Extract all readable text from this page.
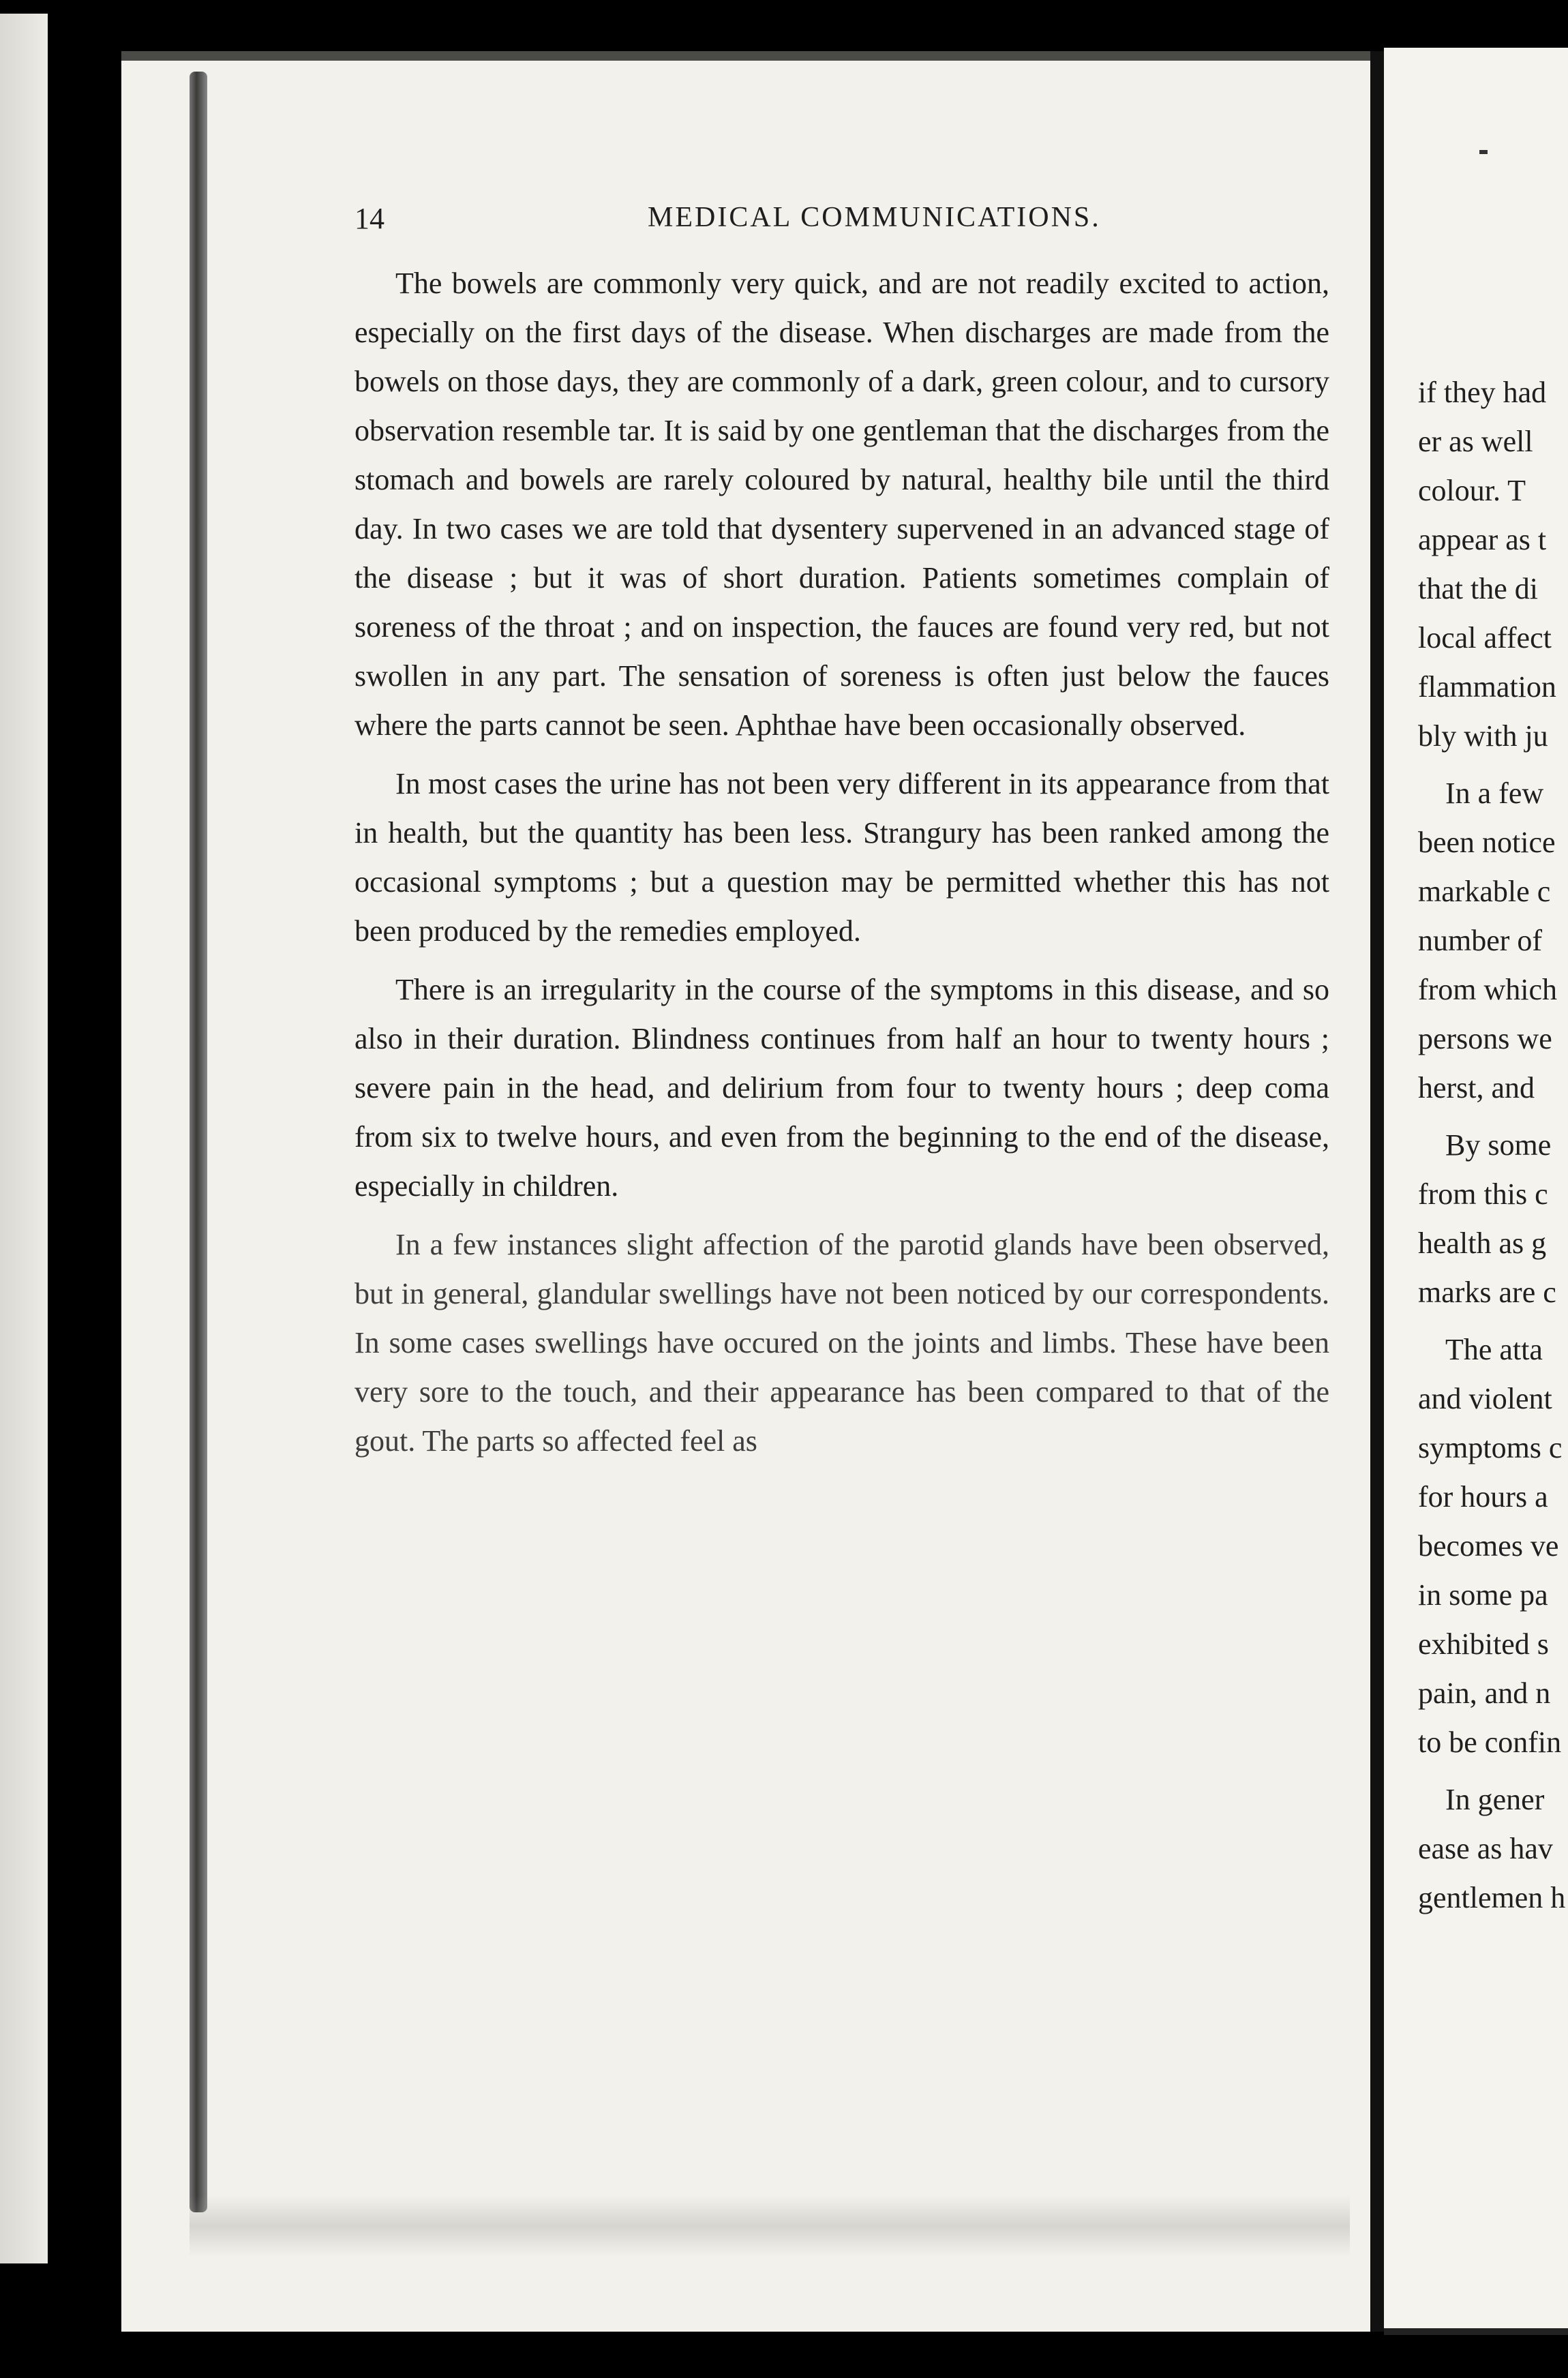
if they had
er as well
colour. T
appear as t
that the di
local affect
flammation
bly with ju
In a few
been notice
markable c
number of
from which
persons we
herst, and
By some
from this c
health as g
marks are c
The atta
and violent
symptoms c
for hours a
becomes ve
in some pa
exhibited s
pain, and n
to be confin
In gener
ease as hav
gentlemen h
14	MEDICAL COMMUNICATIONS.

The bowels are commonly very quick, and are not readily excited to action, especially on the first days of the disease. When discharges are made from the bowels on those days, they are commonly of a dark, green colour, and to cursory observation resemble tar. It is said by one gentleman that the discharges from the stomach and bowels are rarely coloured by natural, healthy bile until the third day. In two cases we are told that dysentery supervened in an advanced stage of the disease ; but it was of short duration. Patients sometimes complain of soreness of the throat ; and on inspection, the fauces are found very red, but not swollen in any part. The sensation of soreness is often just below the fauces where the parts cannot be seen. Aphthae have been occasionally observed.

In most cases the urine has not been very different in its appearance from that in health, but the quantity has been less. Strangury has been ranked among the occasional symptoms ; but a question may be permitted whether this has not been produced by the remedies employed.

There is an irregularity in the course of the symptoms in this disease, and so also in their duration. Blindness continues from half an hour to twenty hours ; severe pain in the head, and delirium from four to twenty hours ; deep coma from six to twelve hours, and even from the beginning to the end of the disease, especially in children.

In a few instances slight affection of the parotid glands have been observed, but in general, glandular swellings have not been noticed by our correspondents. In some cases swellings have occured on the joints and limbs. These have been very sore to the touch, and their appearance has been compared to that of the gout. The parts so affected feel as
